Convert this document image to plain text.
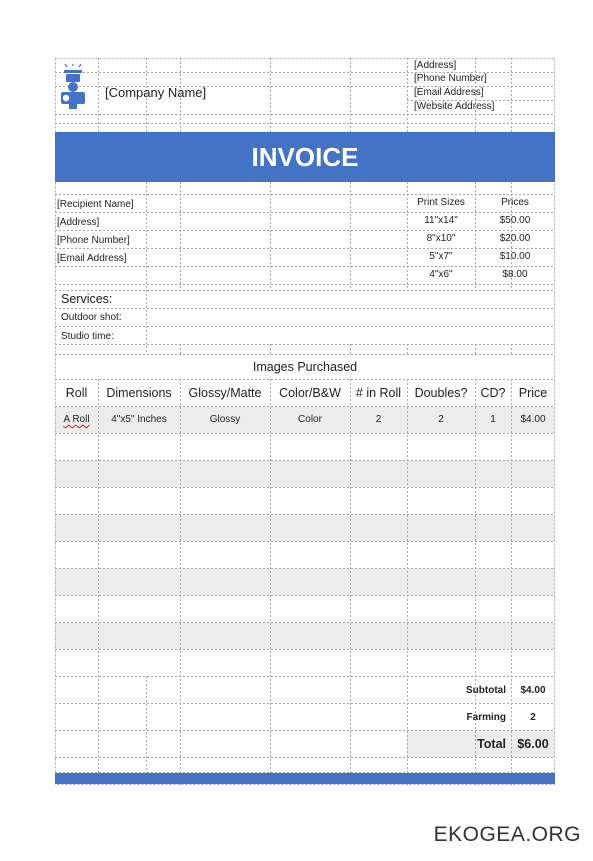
[Company Name]
[Address]
[Phone Number]
[Email Address]
[Website Address]
INVOICE
[Recipient Name]
[Address]
[Phone Number]
[Email Address]
Print Sizes	Prices
11"x14"	$50.00
8"x10"	$20.00
5"x7"	$10.00
4"x6"	$8.00
Services:
Outdoor shot:
Studio time:
Images Purchased
Roll	Dimensions	Glossy/Matte	Color/B&W	# in Roll	Doubles?	CD?	Price
A Roll	4"x5" Inches	Glossy	Color	2	2	1	$4.00
Subtotal	$4.00
Farming	2
Total $6.00
EKOGEA.ORG
